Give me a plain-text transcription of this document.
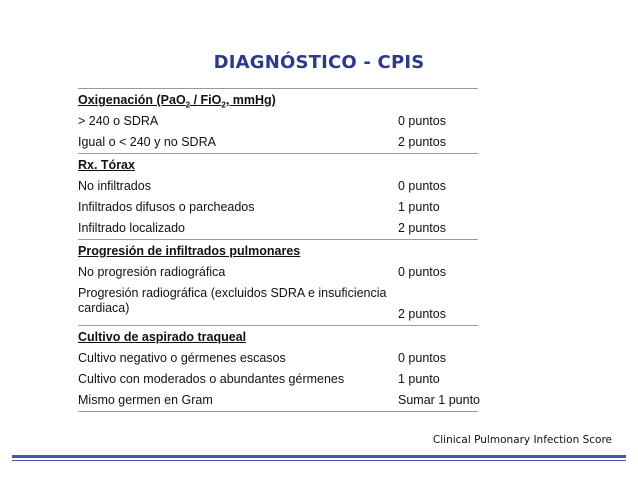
DIAGNÓSTICO - CPIS
Oxigenación (PaO$_2$ / FiO$_2$, mmHg)
> 240 o SDRA	0 puntos
Igual o < 240 y no SDRA	2 puntos
Rx. Tórax
No infiltrados	0 puntos
Infiltrados difusos o parcheados	1 punto
Infiltrado localizado	2 puntos
Progresión de infiltrados pulmonares
No progresión radiográfica	0 puntos
Progresión radiográfica (excluidos SDRA e insuficiencia cardiaca)	2 puntos
Cultivo de aspirado traqueal
Cultivo negativo o gérmenes escasos	0 puntos
Cultivo con moderados o abundantes gérmenes	1 punto
Mismo germen en Gram	Sumar 1 punto
Clinical Pulmonary Infection Score
